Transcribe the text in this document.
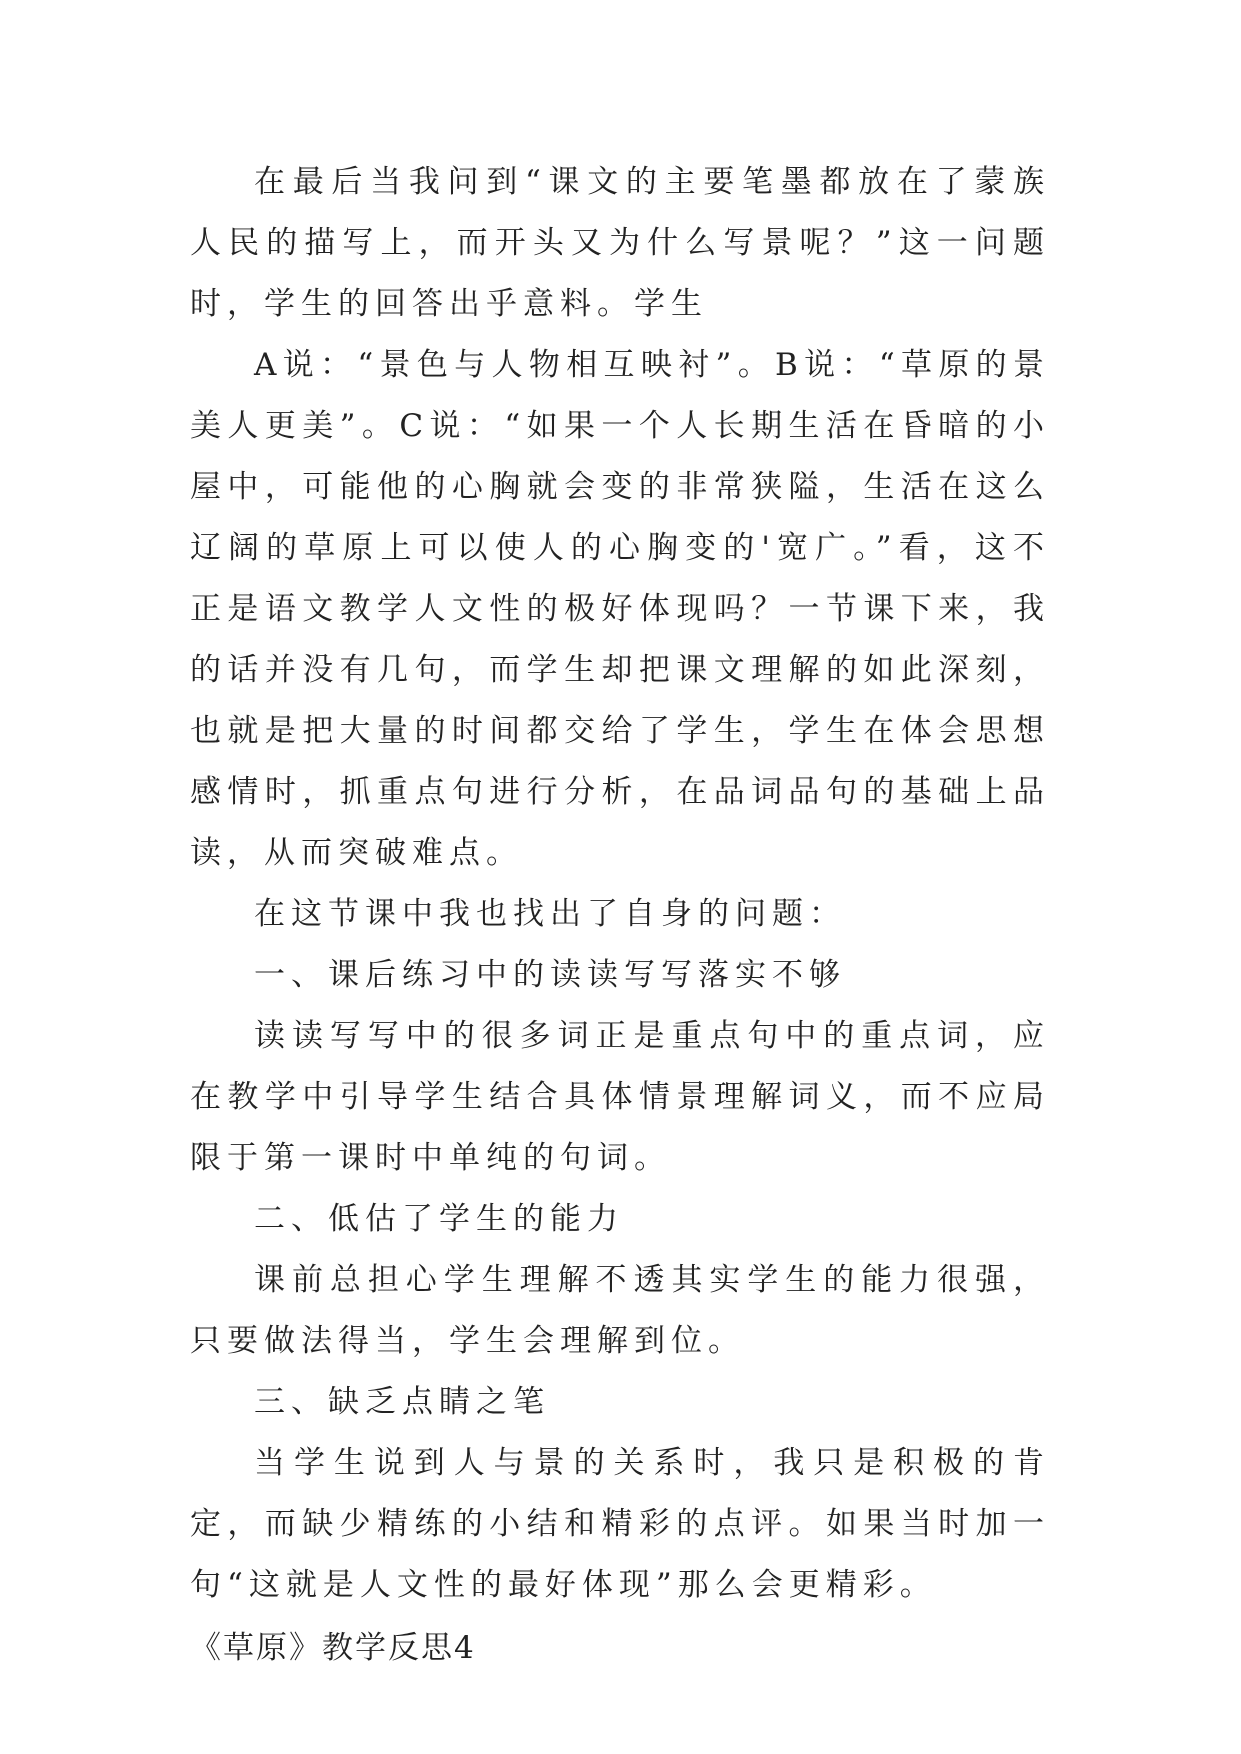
在最后当我问到“课文的主要笔墨都放在了蒙族人民的描写上，而开头又为什么写景呢？”这一问题时，学生的回答出乎意料。学生

A说：“景色与人物相互映衬”。B说：“草原的景美人更美”。C说：“如果一个人长期生活在昏暗的小屋中，可能他的心胸就会变的非常狭隘，生活在这么辽阔的草原上可以使人的心胸变的'宽广。”看，这不正是语文教学人文性的极好体现吗？一节课下来，我的话并没有几句，而学生却把课文理解的如此深刻，也就是把大量的时间都交给了学生，学生在体会思想感情时，抓重点句进行分析，在品词品句的基础上品读，从而突破难点。

在这节课中我也找出了自身的问题：

一、课后练习中的读读写写落实不够

读读写写中的很多词正是重点句中的重点词，应在教学中引导学生结合具体情景理解词义，而不应局限于第一课时中单纯的句词。

二、低估了学生的能力

课前总担心学生理解不透其实学生的能力很强，只要做法得当，学生会理解到位。

三、缺乏点睛之笔

当学生说到人与景的关系时，我只是积极的肯定，而缺少精练的小结和精彩的点评。如果当时加一句“这就是人文性的最好体现”那么会更精彩。

《草原》教学反思4
